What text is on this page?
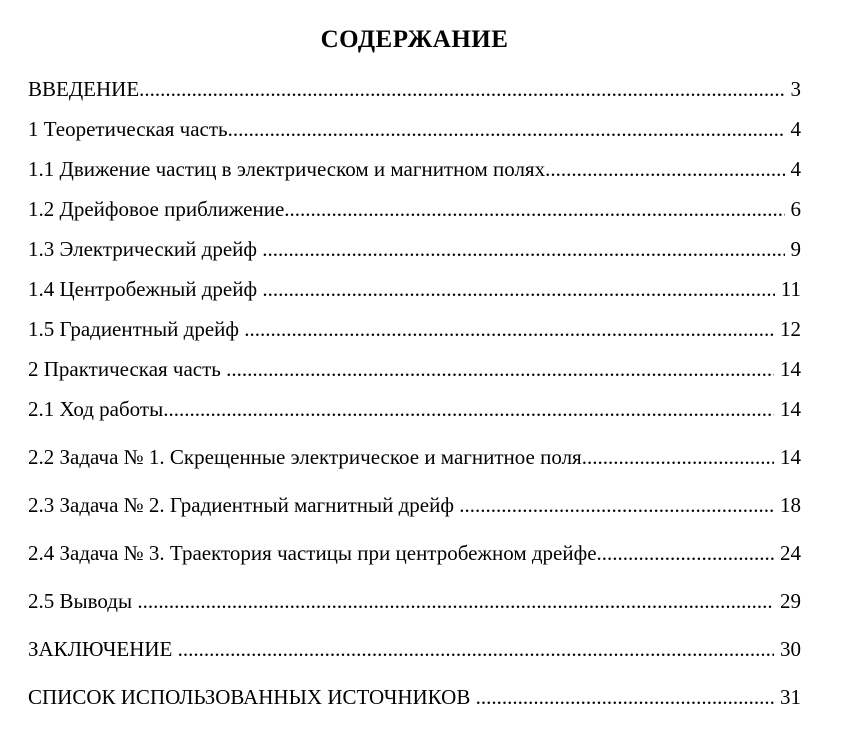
СОДЕРЖАНИЕ
ВВЕДЕНИЕ .....	3
1 Теоретическая часть .....	4
1.1 Движение частиц в электрическом и магнитном полях .....	4
1.2 Дрейфовое приближение .....	6
1.3 Электрический дрейф .....	9
1.4 Центробежный дрейф .....	11
1.5 Градиентный дрейф .....	12
2 Практическая часть .....	14
2.1 Ход работы .....	14
2.2 Задача № 1. Скрещенные электрическое и магнитное поля .....	14
2.3 Задача № 2. Градиентный магнитный дрейф .....	18
2.4 Задача № 3. Траектория частицы при центробежном дрейфе .....	24
2.5 Выводы .....	29
ЗАКЛЮЧЕНИЕ .....	30
СПИСОК ИСПОЛЬЗОВАННЫХ ИСТОЧНИКОВ .....	31
